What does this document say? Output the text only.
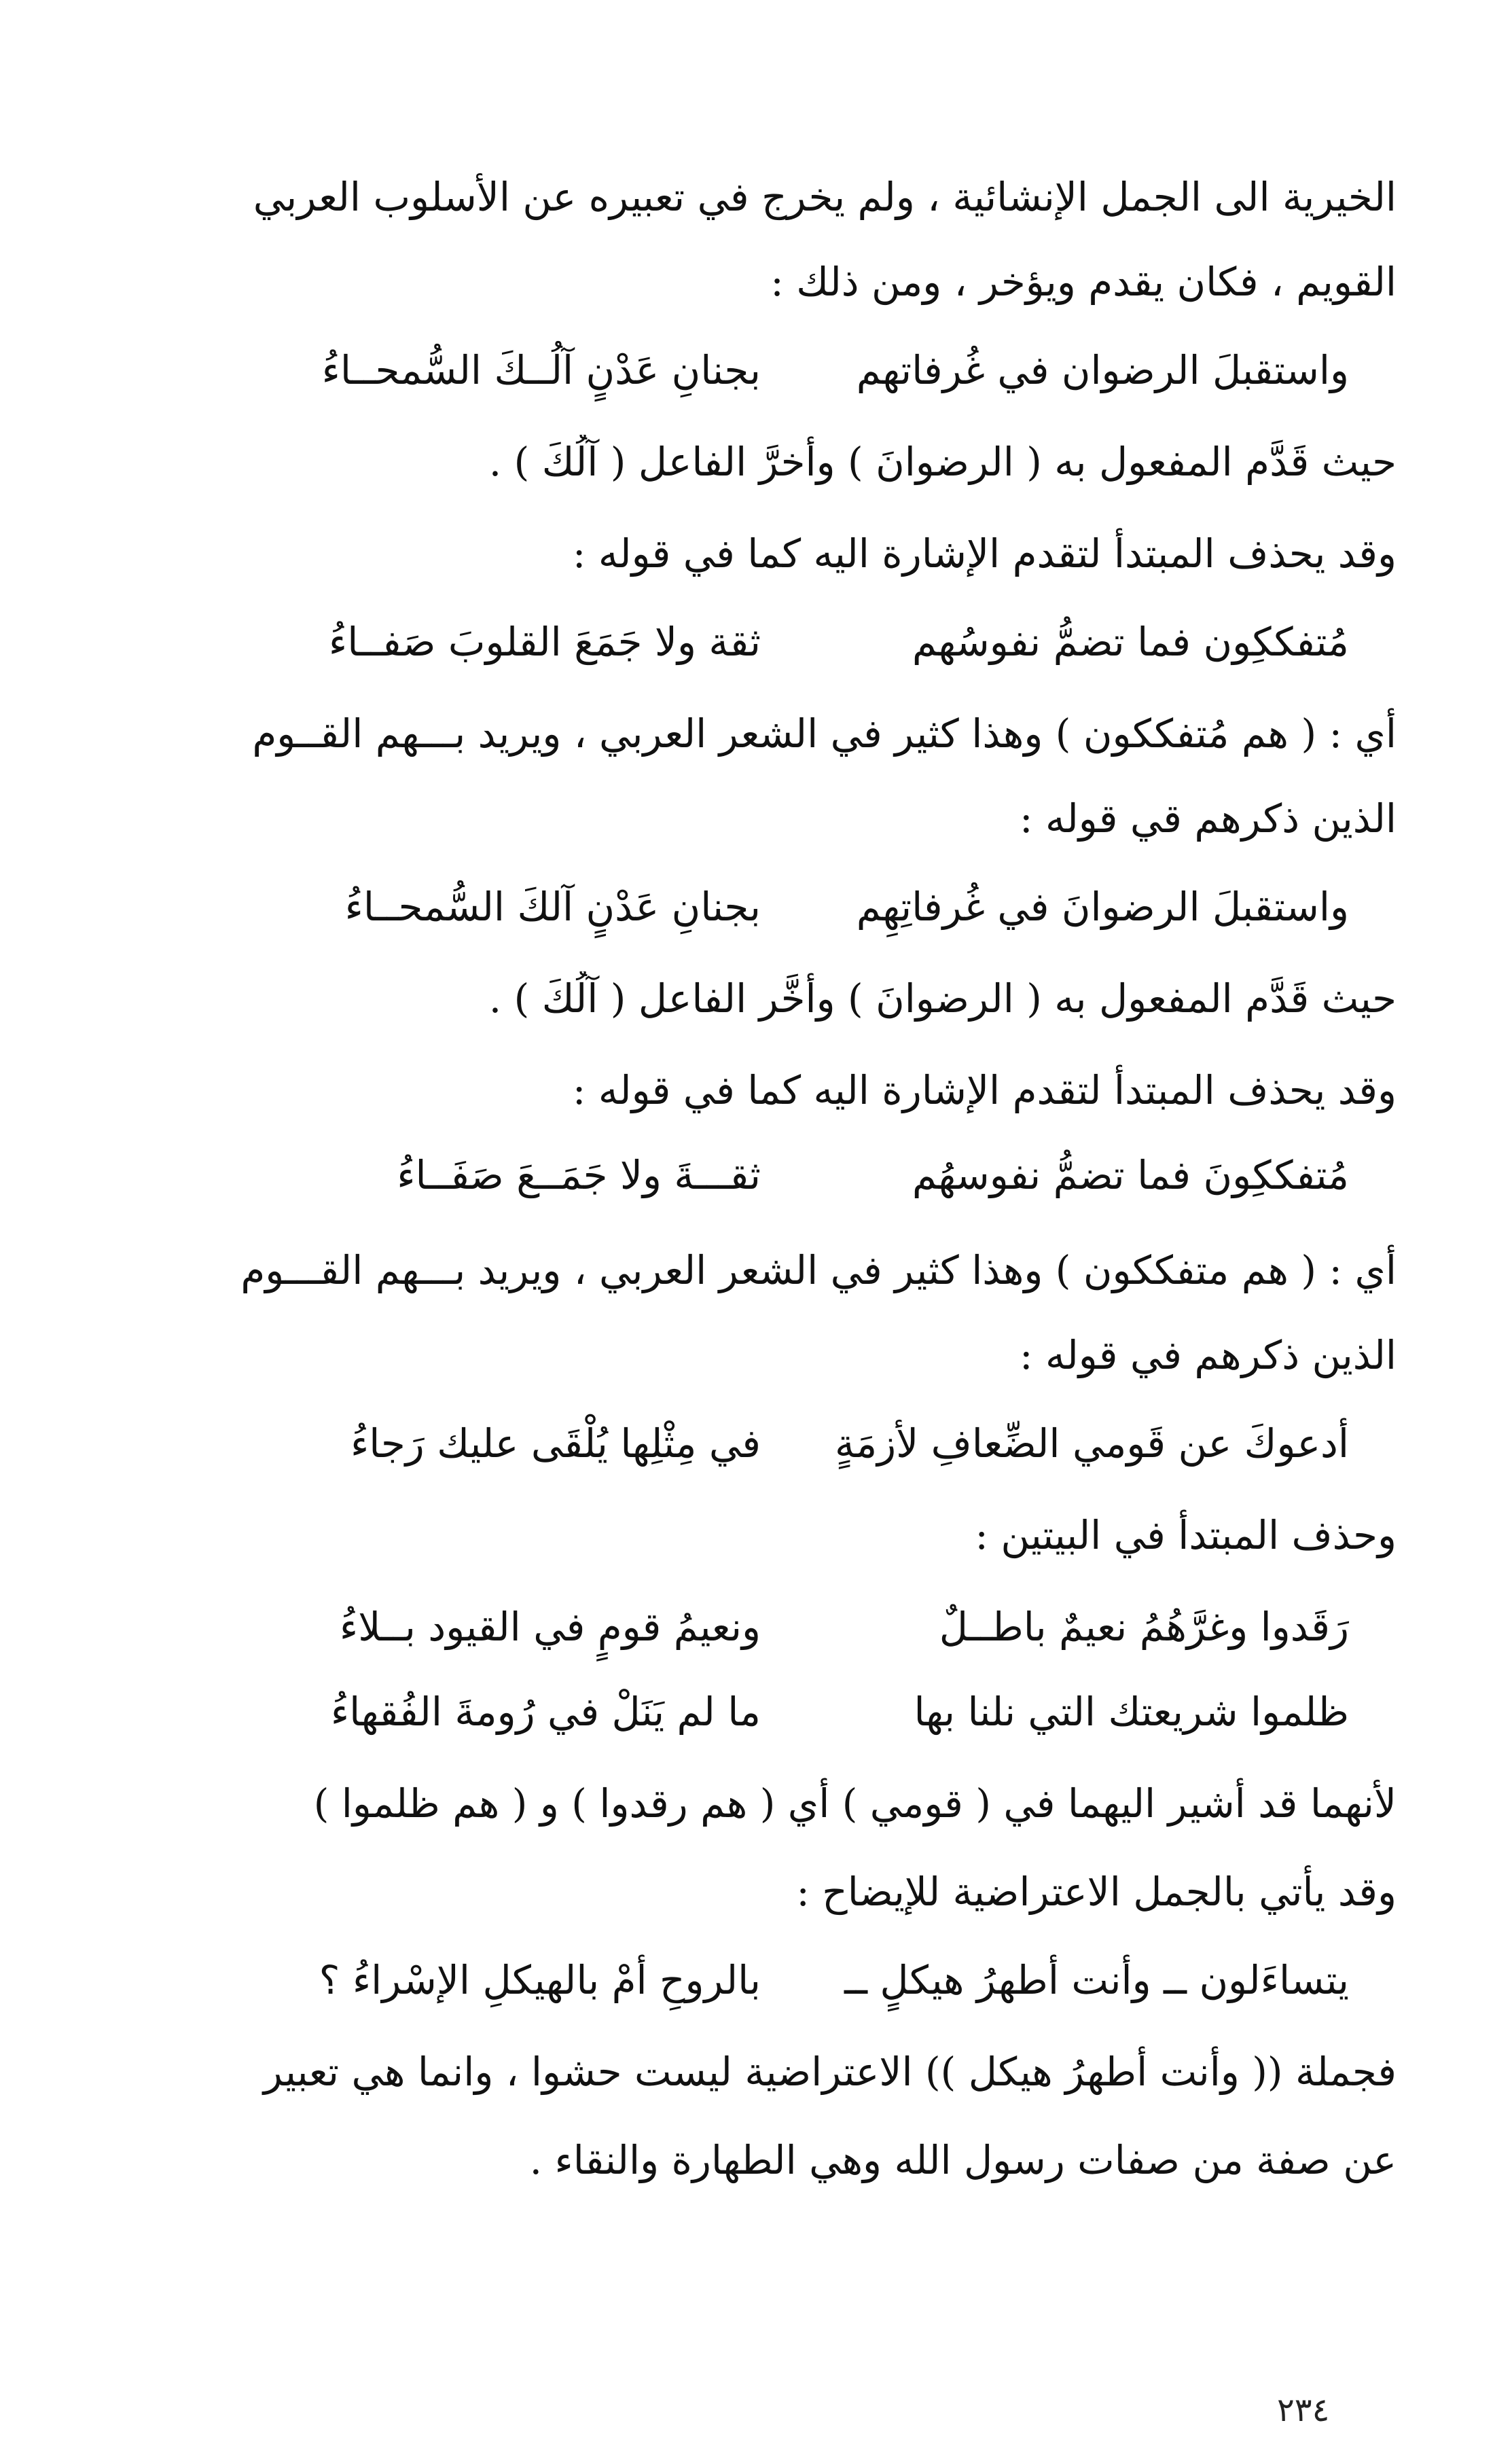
الخيرية الى الجمل الإنشائية ، ولم يخرج في تعبيره عن الأسلوب العربي
القويم ، فكان يقدم ويؤخر ، ومن ذلك :
واستقبلَ الرضوان في غُرفاتهم
بجنانِ عَدْنٍ آلُــكَ السُّمحــاءُ
حيث قَدَّم المفعول به ( الرضوانَ ) وأخرَّ الفاعل ( آلُكَ ) .
وقد يحذف المبتدأ لتقدم الإشارة اليه كما في قوله :
مُتفككِون فما تضمُّ نفوسُهم
ثقة ولا جَمَعَ القلوبَ صَفــاءُ
أي : ( هم مُتفككون ) وهذا كثير في الشعر العربي ، ويريد بـــهم القــوم
الذين ذكرهم قي قوله :
واستقبلَ الرضوانَ في غُرفاتِهِم
بجنانِ عَدْنٍ آلكَ السُّمحــاءُ
حيث قَدَّم المفعول به ( الرضوانَ ) وأخَّر الفاعل ( آلُكَ ) .
وقد يحذف المبتدأ لتقدم الإشارة اليه كما في قوله :
مُتفككِونَ فما تضمُّ نفوسهُم
ثقـــةَ ولا جَمَــعَ صَفَــاءُ
أي : ( هم متفككون ) وهذا كثير في الشعر العربي ، ويريد بـــهم القـــوم
الذين ذكرهم في قوله :
أدعوكَ عن قَومي الضِّعافِ لأزمَةٍ
في مِثْلِها يُلْقَى عليك رَجاءُ
وحذف المبتدأ في البيتين :
رَقَدوا وغرَّهُمُ نعيمٌ باطــلٌ
ونعيمُ قومٍ في القيود بــلاءُ
ظلموا شريعتك التي نلنا بها
ما لم يَنَلْ في رُومةَ الفُقهاءُ
لأنهما قد أشير اليهما في ( قومي ) أي ( هم رقدوا ) و ( هم ظلموا )
وقد يأتي بالجمل الاعتراضية للإيضاح :
يتساءَلون ــ وأنت أطهرُ هيكلٍ ــ
بالروحِ أمْ بالهيكلِ الإسْراءُ ؟
فجملة (( وأنت أطهرُ هيكل )) الاعتراضية ليست حشوا ، وانما هي تعبير
عن صفة من صفات رسول الله وهي الطهارة والنقاء .
٢٣٤
